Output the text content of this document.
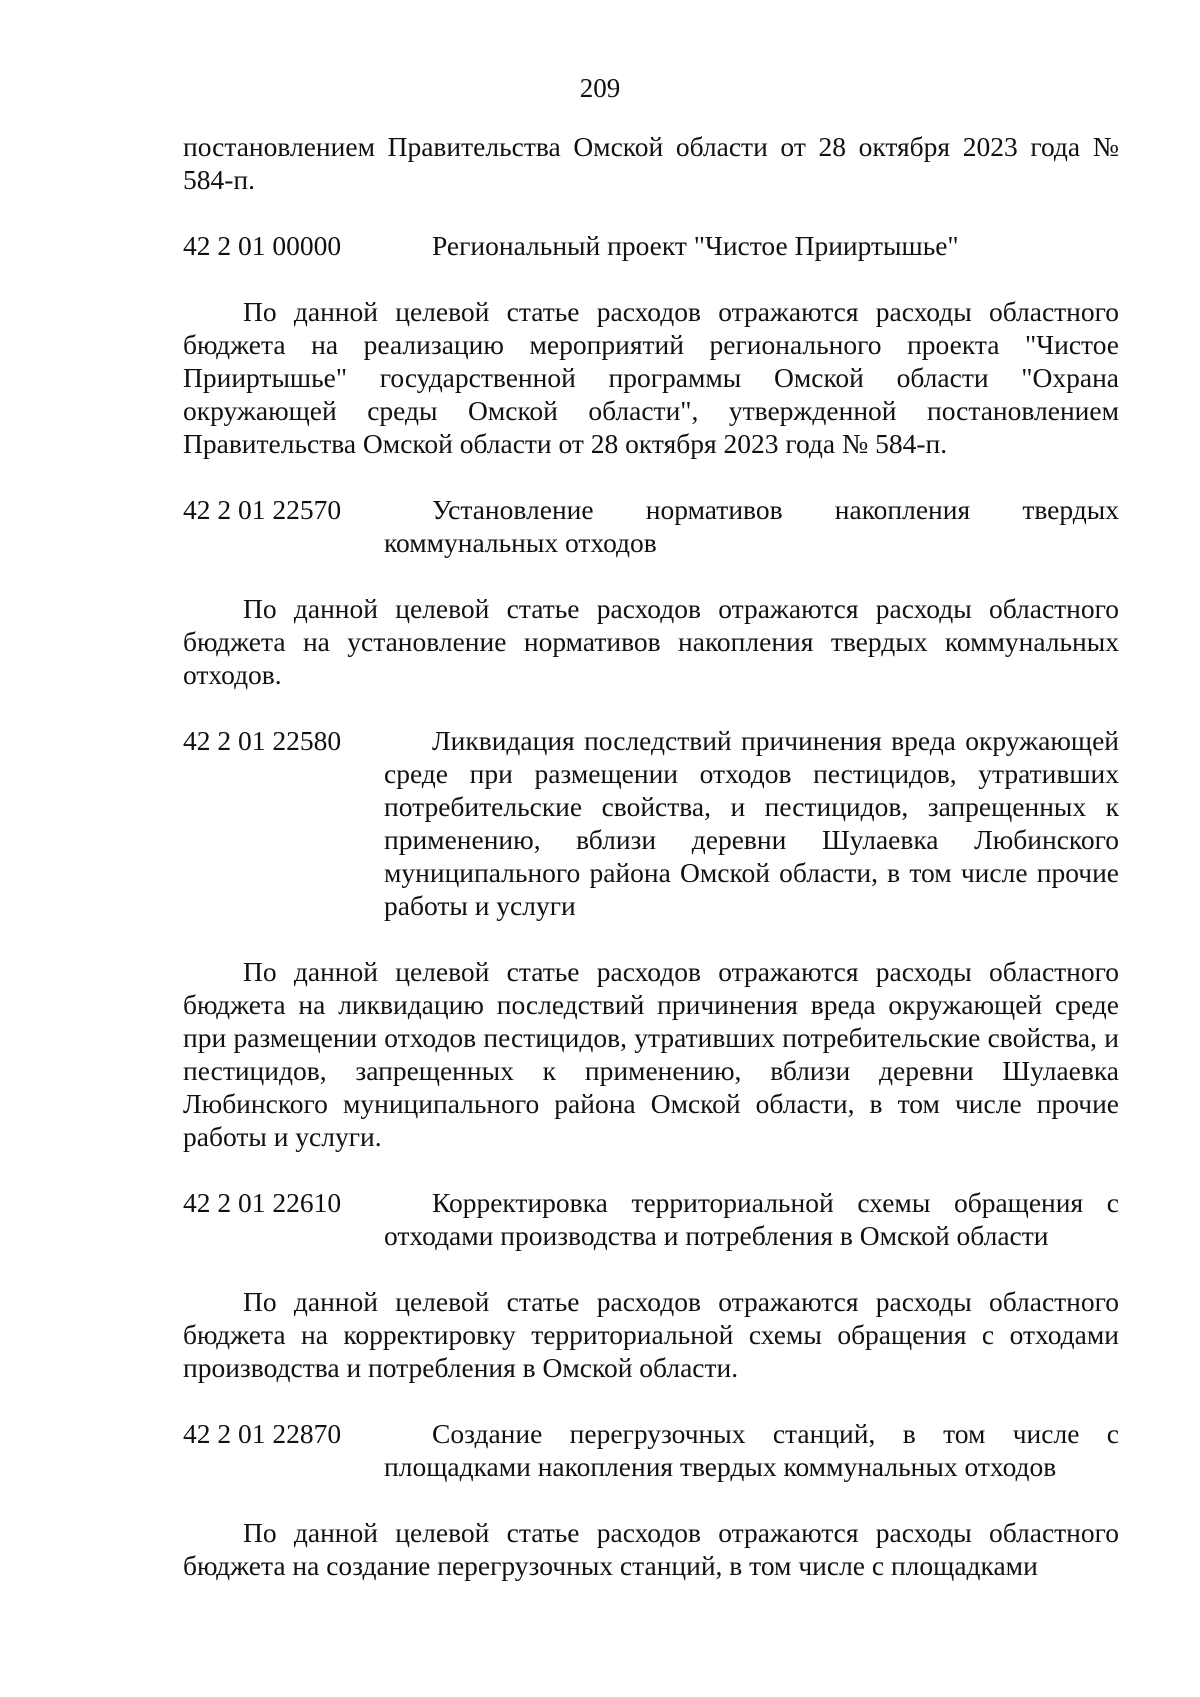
209

постановлением Правительства Омской области от 28 октября 2023 года № 584-п.

42 2 01 00000	Региональный проект "Чистое Прииртышье"

По данной целевой статье расходов отражаются расходы областного бюджета на реализацию мероприятий регионального проекта "Чистое Прииртышье" государственной программы Омской области "Охрана окружающей среды Омской области", утвержденной постановлением Правительства Омской области от 28 октября 2023 года № 584-п.

42 2 01 22570	Установление нормативов накопления твердых коммунальных отходов

По данной целевой статье расходов отражаются расходы областного бюджета на установление нормативов накопления твердых коммунальных отходов.

42 2 01 22580	Ликвидация последствий причинения вреда окружающей среде при размещении отходов пестицидов, утративших потребительские свойства, и пестицидов, запрещенных к применению, вблизи деревни Шулаевка Любинского муниципального района Омской области, в том числе прочие работы и услуги

По данной целевой статье расходов отражаются расходы областного бюджета на ликвидацию последствий причинения вреда окружающей среде при размещении отходов пестицидов, утративших потребительские свойства, и пестицидов, запрещенных к применению, вблизи деревни Шулаевка Любинского муниципального района Омской области, в том числе прочие работы и услуги.

42 2 01 22610	Корректировка территориальной схемы обращения с отходами производства и потребления в Омской области

По данной целевой статье расходов отражаются расходы областного бюджета на корректировку территориальной схемы обращения с отходами производства и потребления в Омской области.

42 2 01 22870	Создание перегрузочных станций, в том числе с площадками накопления твердых коммунальных отходов

По данной целевой статье расходов отражаются расходы областного бюджета на создание перегрузочных станций, в том числе с площадками
